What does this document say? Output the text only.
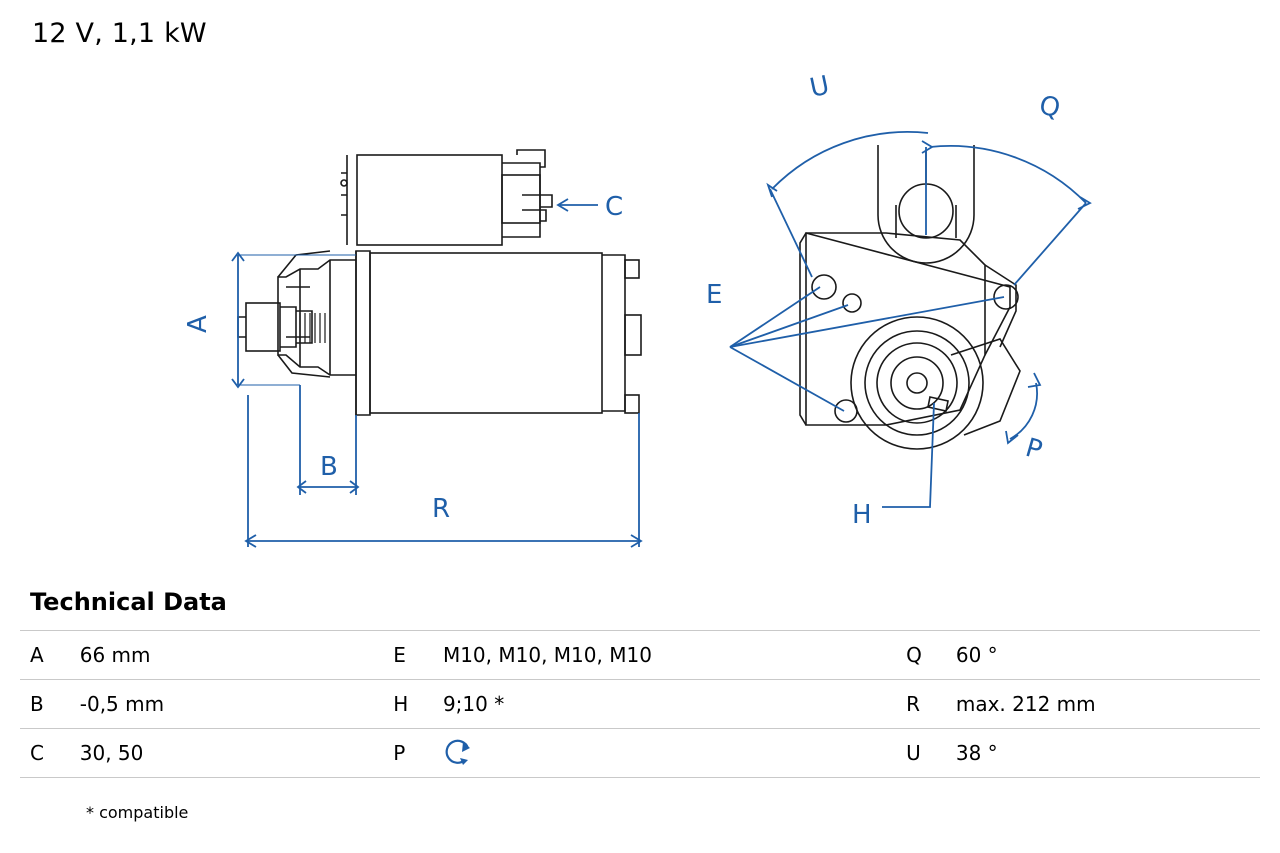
12 V, 1,1 kW
A
B
C
R
U
Q
E
H
P
Technical Data
A	66 mm	E	M10, M10, M10, M10	Q	60 °
B	-0,5 mm	H	9;10 *	R	max. 212 mm
C	30, 50	P		U	38 °
* compatible
